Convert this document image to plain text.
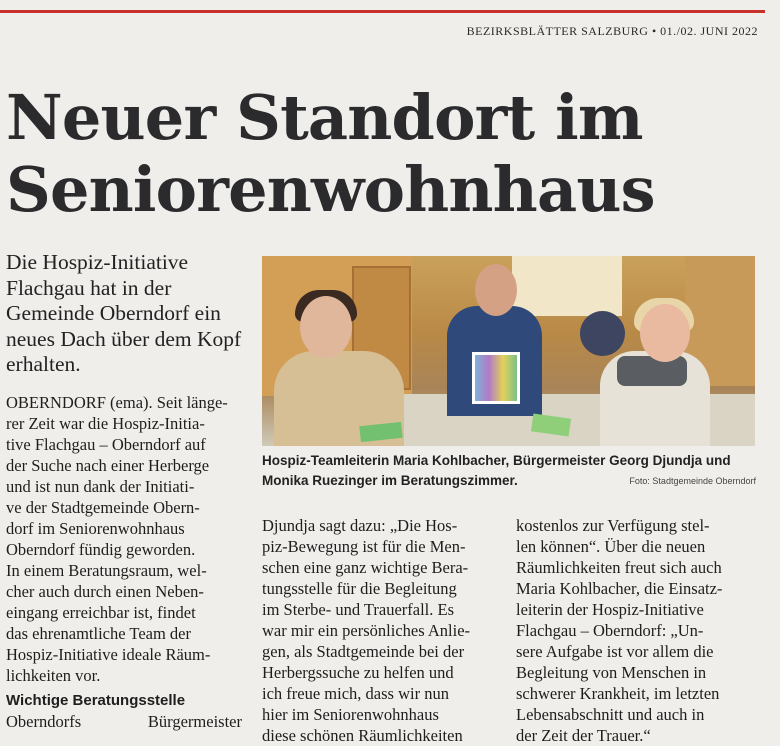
BEZIRKSBLÄTTER SALZBURG • 01./02. JUNI 2022
Neuer Standort im
Seniorenwohnhaus

Die Hospiz-Initiative Flachgau hat in der Gemeinde Oberndorf ein neues Dach über dem Kopf erhalten.

Hospiz-Teamleiterin Maria Kohlbacher, Bürgermeister Georg Djundja und Monika Ruezinger im Beratungszimmer.	Foto: Stadtgemeinde Oberndorf

OBERNDORF (ema). Seit länge-
rer Zeit war die Hospiz-Initia-
tive Flachgau – Oberndorf auf
der Suche nach einer Herberge
und ist nun dank der Initiati-
ve der Stadtgemeinde Obern-
dorf im Seniorenwohnhaus
Oberndorf fündig geworden.
In einem Beratungsraum, wel-
cher auch durch einen Neben-
eingang erreichbar ist, findet
das ehrenamtliche Team der
Hospiz-Initiative ideale Räum-
lichkeiten vor.

Wichtige Beratungsstelle

Oberndorfs Bürgermeister

Djundja sagt dazu: „Die Hos-
piz-Bewegung ist für die Men-
schen eine ganz wichtige Bera-
tungsstelle für die Begleitung
im Sterbe- und Trauerfall. Es
war mir ein persönliches Anlie-
gen, als Stadtgemeinde bei der
Herbergssuche zu helfen und
ich freue mich, dass wir nun
hier im Seniorenwohnhaus
diese schönen Räumlichkeiten

kostenlos zur Verfügung stel-
len können“. Über die neuen
Räumlichkeiten freut sich auch
Maria Kohlbacher, die Einsatz-
leiterin der Hospiz-Initiative
Flachgau – Oberndorf: „Un-
sere Aufgabe ist vor allem die
Begleitung von Menschen in
schwerer Krankheit, im letzten
Lebensabschnitt und auch in
der Zeit der Trauer.“
